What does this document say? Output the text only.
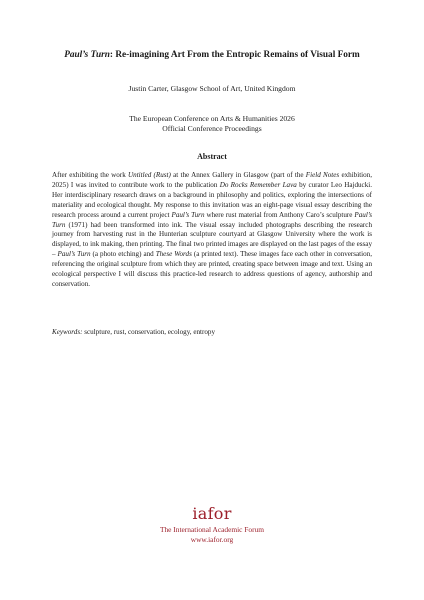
Paul’s Turn: Re-imagining Art From the Entropic Remains of Visual Form
Justin Carter, Glasgow School of Art, United Kingdom
The European Conference on Arts & Humanities 2026
Official Conference Proceedings
Abstract
After exhibiting the work Untitled (Rust) at the Annex Gallery in Glasgow (part of the Field Notes exhibition, 2025) I was invited to contribute work to the publication Do Rocks Remember Lava by curator Leo Hajducki. Her interdisciplinary research draws on a background in philosophy and politics, exploring the intersections of materiality and ecological thought. My response to this invitation was an eight-page visual essay describing the research process around a current project Paul’s Turn where rust material from Anthony Caro’s sculpture Paul’s Turn (1971) had been transformed into ink. The visual essay included photographs describing the research journey from harvesting rust in the Hunterian sculpture courtyard at Glasgow University where the work is displayed, to ink making, then printing. The final two printed images are displayed on the last pages of the essay – Paul’s Turn (a photo etching) and These Words (a printed text). These images face each other in conversation, referencing the original sculpture from which they are printed, creating space between image and text. Using an ecological perspective I will discuss this practice-led research to address questions of agency, authorship and conservation.
Keywords: sculpture, rust, conservation, ecology, entropy
iafor
The International Academic Forum
www.iafor.org
